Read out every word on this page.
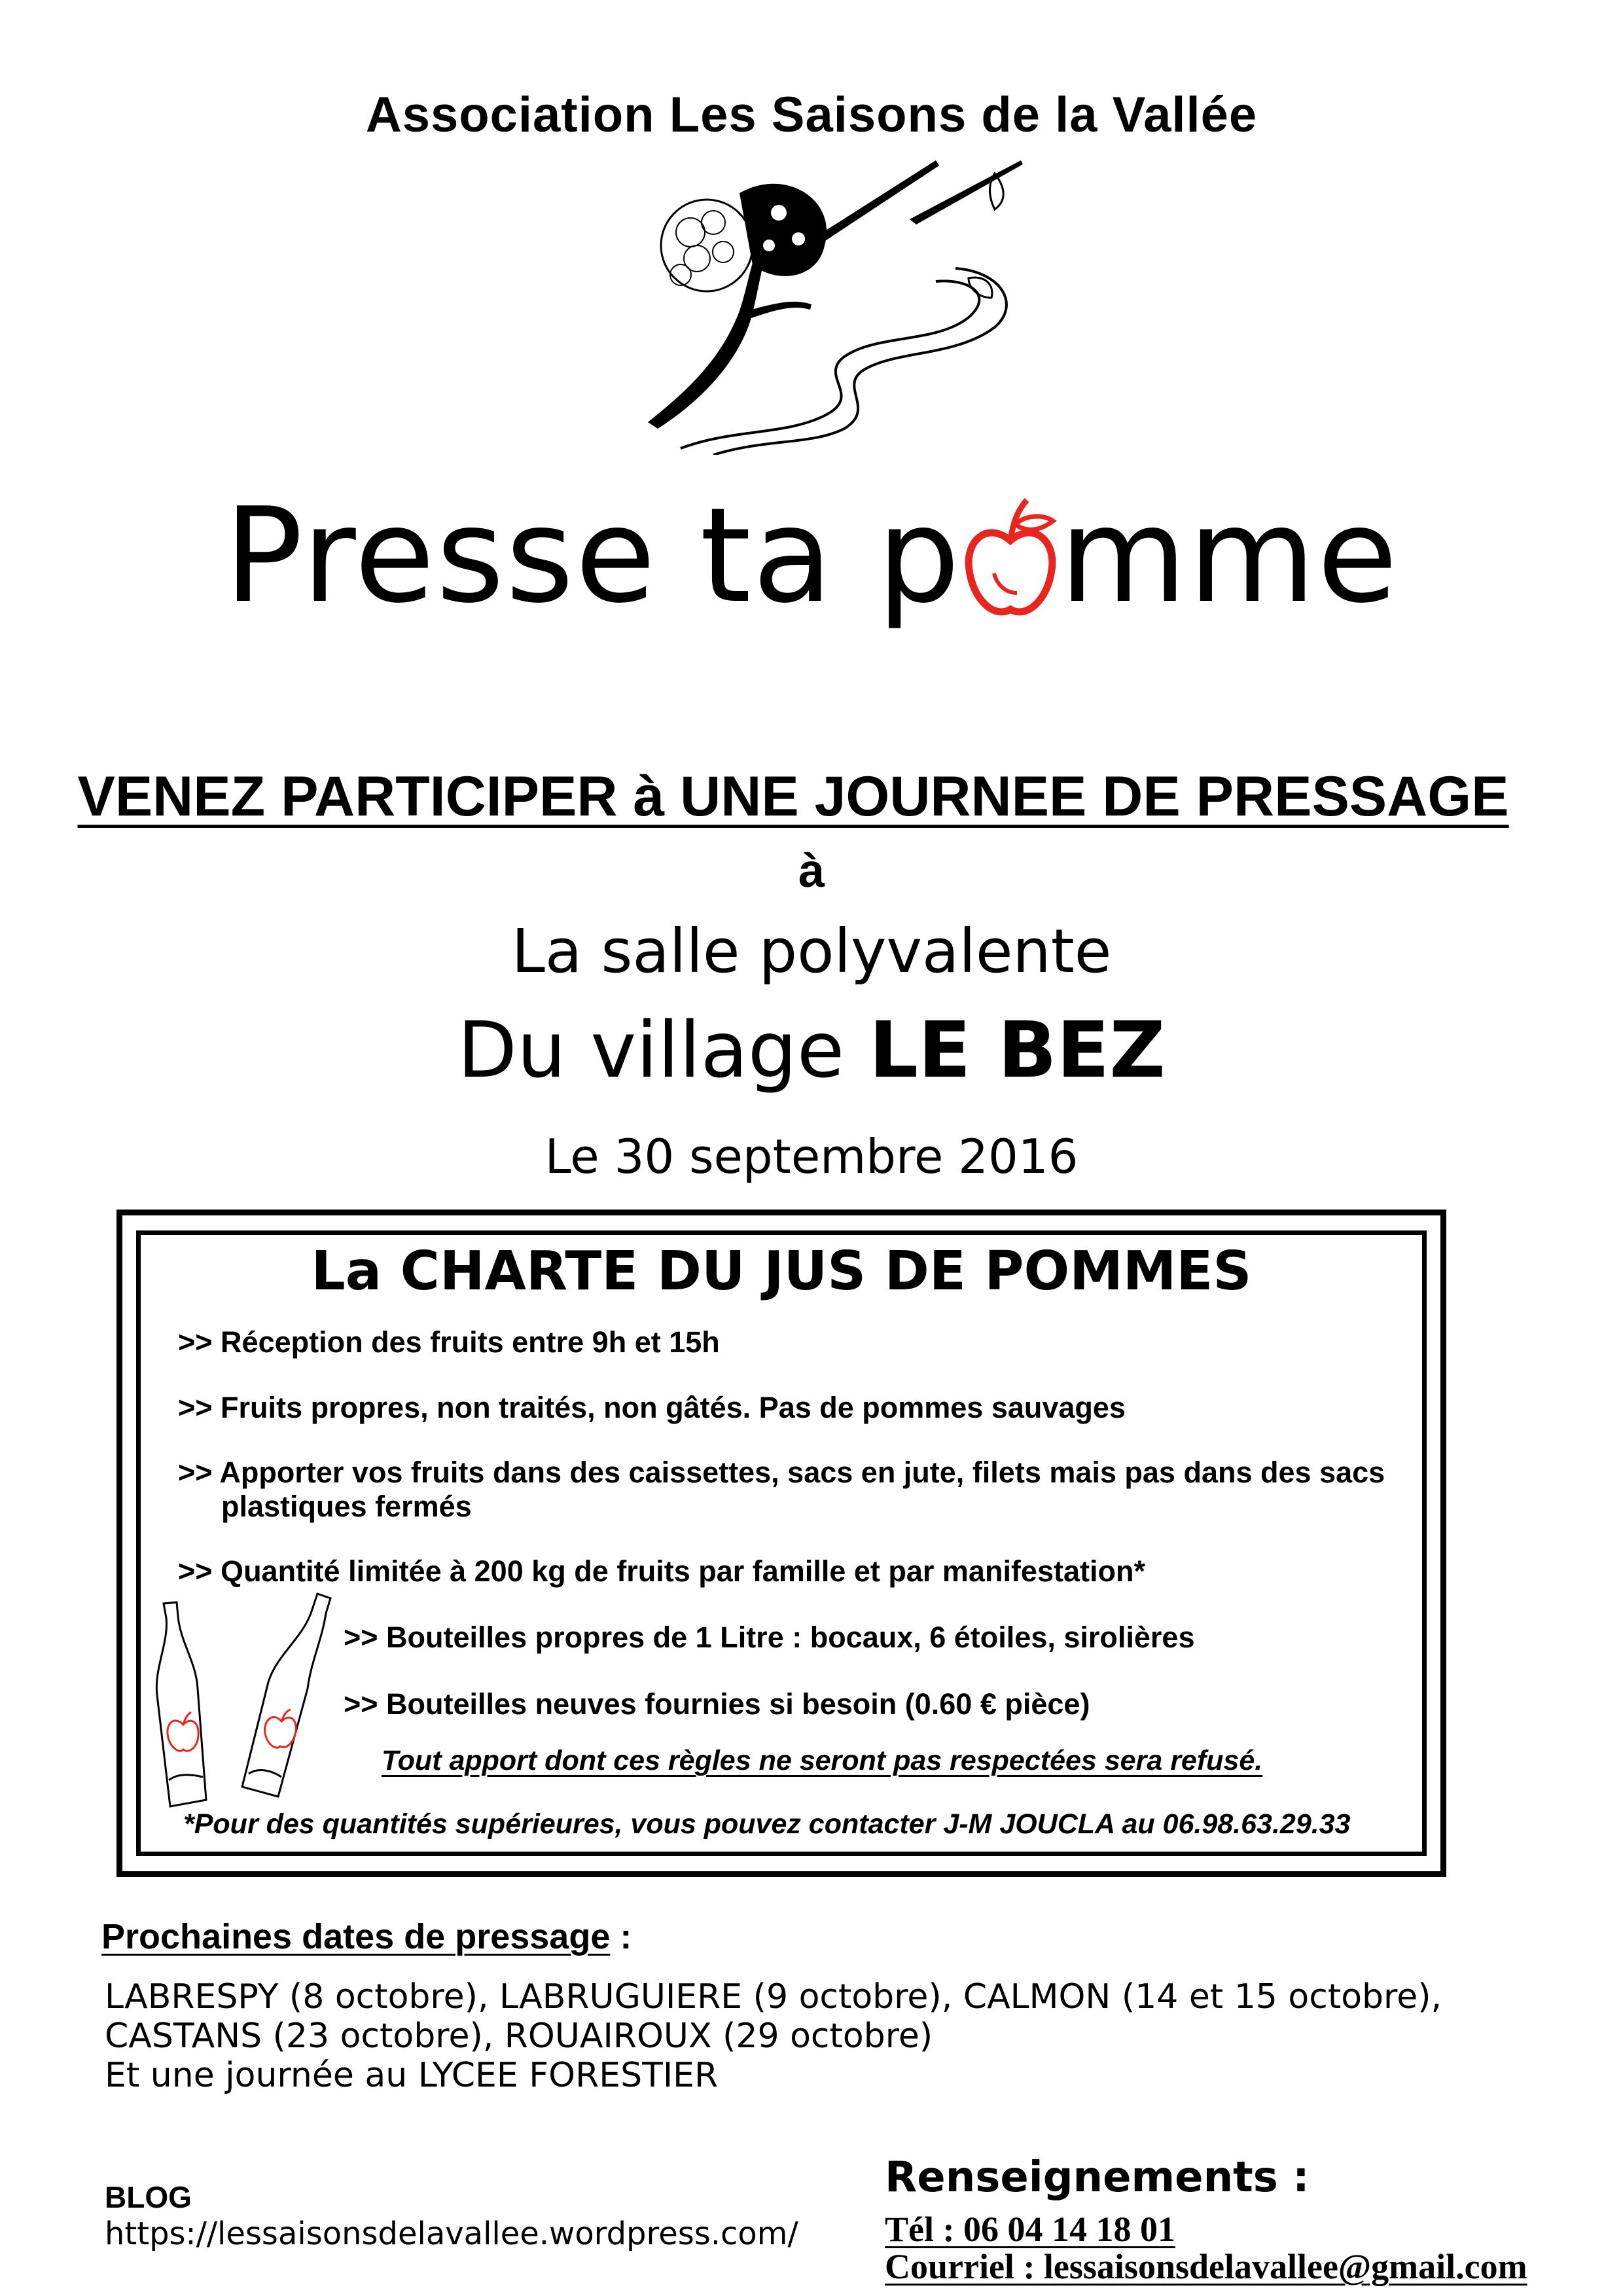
Association Les Saisons de la Vallée
Presse ta p mme
VENEZ PARTICIPER à UNE JOURNEE DE PRESSAGE
à
La salle polyvalente
Du village LE BEZ
Le 30 septembre 2016
La CHARTE DU JUS DE POMMES
>> Réception des fruits entre 9h et 15h
>> Fruits propres, non traités, non gâtés. Pas de pommes sauvages
>> Apporter vos fruits dans des caissettes, sacs en jute, filets mais pas dans des sacs
plastiques fermés
>> Quantité limitée à 200 kg de fruits par famille et par manifestation*
>> Bouteilles propres de 1 Litre : bocaux, 6 étoiles, sirolières
>> Bouteilles neuves fournies si besoin (0.60 € pièce)
Tout apport dont ces règles ne seront pas respectées sera refusé.
*Pour des quantités supérieures, vous pouvez contacter J-M JOUCLA au 06.98.63.29.33
Prochaines dates de pressage :
LABRESPY (8 octobre), LABRUGUIERE (9 octobre), CALMON (14 et 15 octobre),
CASTANS (23 octobre), ROUAIROUX (29 octobre)
Et une journée au LYCEE FORESTIER
BLOG
https://lessaisonsdelavallee.wordpress.com/
Renseignements :
Tél : 06 04 14 18 01
Courriel : lessaisonsdelavallee@gmail.com
